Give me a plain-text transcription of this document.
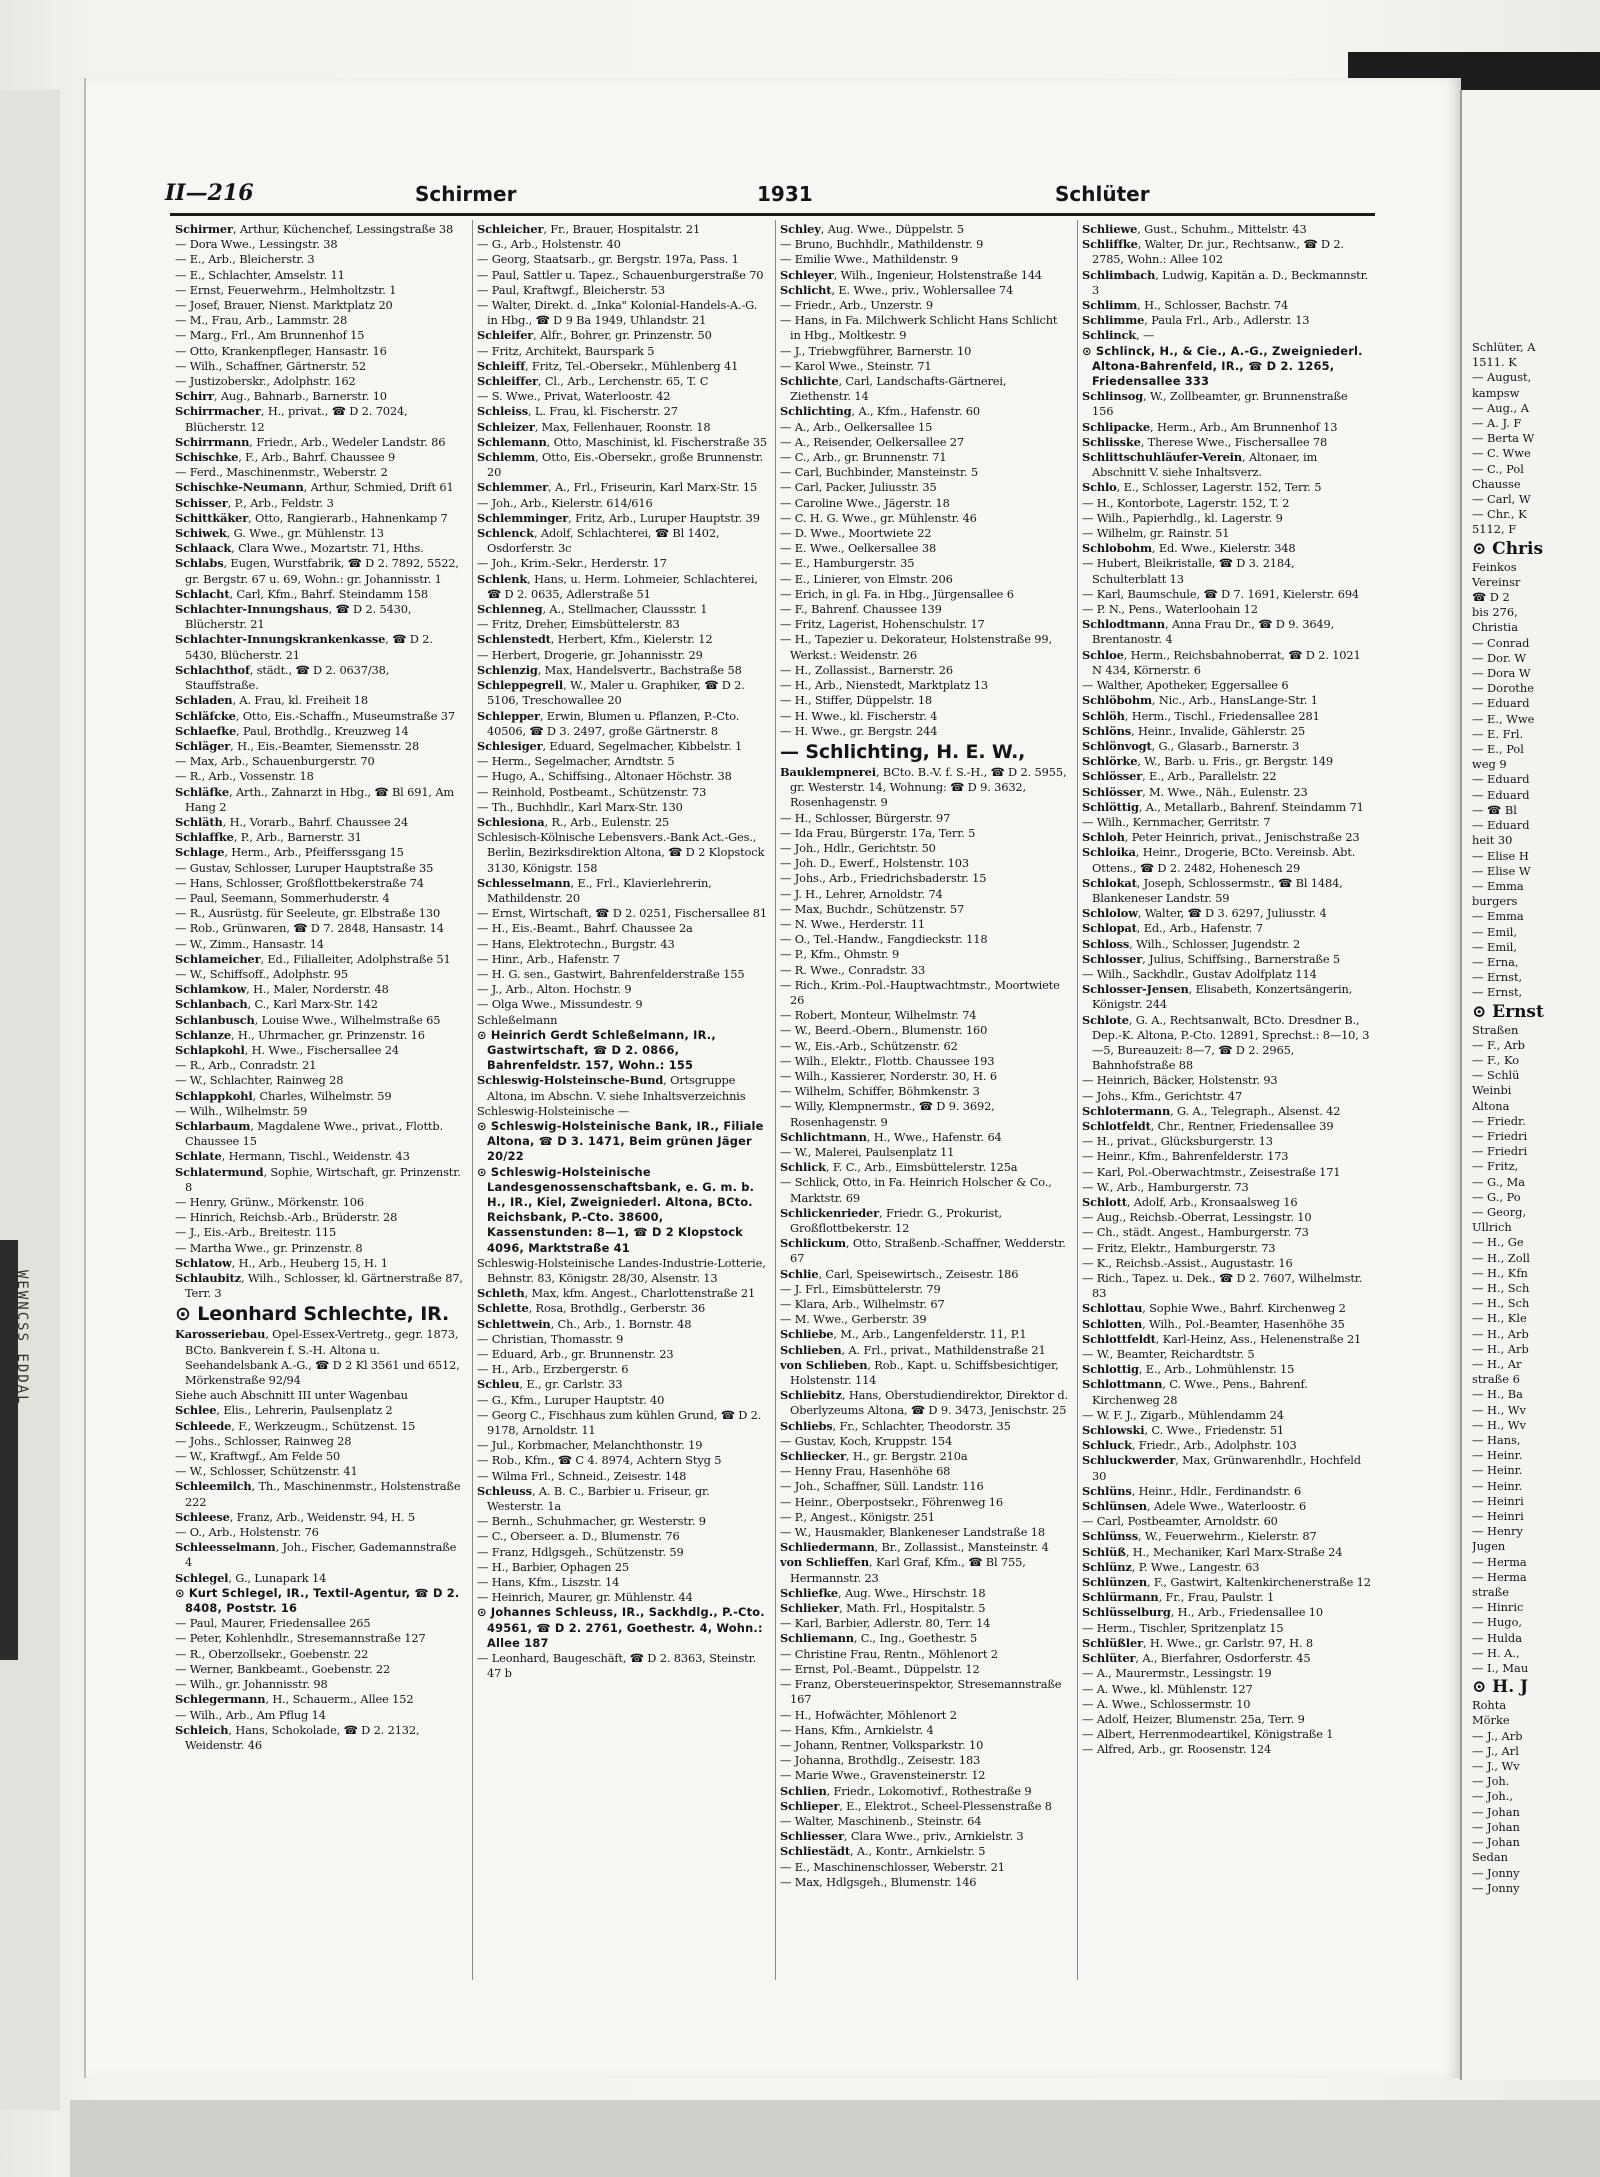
WEWNCSS EDDAL
II—216	Schirmer	1931	Schlüter

Schirmer, Arthur, Küchenchef, Lessingstraße 38

— Dora Wwe., Lessingstr. 38

— E., Arb., Bleicherstr. 3

— E., Schlachter, Amselstr. 11

— Ernst, Feuerwehrm., Helmholtzstr. 1

— Josef, Brauer, Nienst. Marktplatz 20

— M., Frau, Arb., Lammstr. 28

— Marg., Frl., Am Brunnenhof 15

— Otto, Krankenpfleger, Hansastr. 16

— Wilh., Schaffner, Gärtnerstr. 52

— Justizoberskr., Adolphstr. 162

Schirr, Aug., Bahnarb., Barnerstr. 10

Schirrmacher, H., privat., ☎ D 2. 7024, Blücherstr. 12

Schirrmann, Friedr., Arb., Wedeler Landstr. 86

Schischke, F., Arb., Bahrf. Chaussee 9

— Ferd., Maschinenmstr., Weberstr. 2

Schischke-Neumann, Arthur, Schmied, Drift 61

Schisser, P., Arb., Feldstr. 3

Schittkäker, Otto, Rangierarb., Hahnenkamp 7

Schiwek, G. Wwe., gr. Mühlenstr. 13

Schlaack, Clara Wwe., Mozartstr. 71, Hths.

Schlabs, Eugen, Wurstfabrik, ☎ D 2. 7892, 5522, gr. Bergstr. 67 u. 69, Wohn.: gr. Johannisstr. 1

Schlacht, Carl, Kfm., Bahrf. Steindamm 158

Schlachter-Innungshaus, ☎ D 2. 5430, Blücherstr. 21

Schlachter-Innungskrankenkasse, ☎ D 2. 5430, Blücherstr. 21

Schlachthof, städt., ☎ D 2. 0637/38, Stauffstraße.

Schladen, A. Frau, kl. Freiheit 18

Schläfcke, Otto, Eis.-Schaffn., Museumstraße 37

Schlaefke, Paul, Brothdlg., Kreuzweg 14

Schläger, H., Eis.-Beamter, Siemensstr. 28

— Max, Arb., Schauenburgerstr. 70

— R., Arb., Vossenstr. 18

Schläfke, Arth., Zahnarzt in Hbg., ☎ Bl 691, Am Hang 2

Schläth, H., Vorarb., Bahrf. Chaussee 24

Schlaffke, P., Arb., Barnerstr. 31

Schlage, Herm., Arb., Pfeifferssgang 15

— Gustav, Schlosser, Luruper Hauptstraße 35

— Hans, Schlosser, Großflottbekerstraße 74

— Paul, Seemann, Sommerhuderstr. 4

— R., Ausrüstg. für Seeleute, gr. Elbstraße 130

— Rob., Grünwaren, ☎ D 7. 2848, Hansastr. 14

— W., Zimm., Hansastr. 14

Schlameicher, Ed., Filialleiter, Adolphstraße 51

— W., Schiffsoff., Adolphstr. 95

Schlamkow, H., Maler, Norderstr. 48

Schlanbach, C., Karl Marx-Str. 142

Schlanbusch, Louise Wwe., Wilhelmstraße 65

Schlanze, H., Uhrmacher, gr. Prinzenstr. 16

Schlapkohl, H. Wwe., Fischersallee 24

— R., Arb., Conradstr. 21

— W., Schlachter, Rainweg 28

Schlappkohl, Charles, Wilhelmstr. 59

— Wilh., Wilhelmstr. 59

Schlarbaum, Magdalene Wwe., privat., Flottb. Chaussee 15

Schlate, Hermann, Tischl., Weidenstr. 43

Schlatermund, Sophie, Wirtschaft, gr. Prinzenstr. 8

— Henry, Grünw., Mörkenstr. 106

— Hinrich, Reichsb.-Arb., Brüderstr. 28

— J., Eis.-Arb., Breitestr. 115

— Martha Wwe., gr. Prinzenstr. 8

Schlatow, H., Arb., Heuberg 15, H. 1

Schlaubitz, Wilh., Schlosser, kl. Gärtnerstraße 87, Terr. 3

⊙ Leonhard Schlechte, IR.

Karosseriebau, Opel-Essex-Vertretg., gegr. 1873, BCto. Bankverein f. S.-H. Altona u. Seehandelsbank A.-G., ☎ D 2 Kl 3561 und 6512, Mörkenstraße 92/94

Siehe auch Abschnitt III unter Wagenbau

Schlee, Elis., Lehrerin, Paulsenplatz 2

Schleede, F., Werkzeugm., Schützenst. 15

— Johs., Schlosser, Rainweg 28

— W., Kraftwgf., Am Felde 50

— W., Schlosser, Schützenstr. 41

Schleemilch, Th., Maschinenmstr., Holstenstraße 222

Schleese, Franz, Arb., Weidenstr. 94, H. 5

— O., Arb., Holstenstr. 76

Schleesselmann, Joh., Fischer, Gademannstraße 4

Schlegel, G., Lunapark 14

⊙ Kurt Schlegel, IR., Textil-Agentur, ☎ D 2. 8408, Poststr. 16

— Paul, Maurer, Friedensallee 265

— Peter, Kohlenhdlr., Stresemannstraße 127

— R., Oberzollsekr., Goebenstr. 22

— Werner, Bankbeamt., Goebenstr. 22

— Wilh., gr. Johannisstr. 98

Schlegermann, H., Schauerm., Allee 152

— Wilh., Arb., Am Pflug 14

Schleich, Hans, Schokolade, ☎ D 2. 2132, Weidenstr. 46

Schleicher, Fr., Brauer, Hospitalstr. 21

— G., Arb., Holstenstr. 40

— Georg, Staatsarb., gr. Bergstr. 197a, Pass. 1

— Paul, Sattler u. Tapez., Schauenburgerstraße 70

— Paul, Kraftwgf., Bleicherstr. 53

— Walter, Direkt. d. „Inka" Kolonial-Handels-A.-G. in Hbg., ☎ D 9 Ba 1949, Uhlandstr. 21

Schleifer, Alfr., Bohrer, gr. Prinzenstr. 50

— Fritz, Architekt, Baurspark 5

Schleiff, Fritz, Tel.-Obersekr., Mühlenberg 41

Schleiffer, Cl., Arb., Lerchenstr. 65, T. C

— S. Wwe., Privat, Waterloostr. 42

Schleiss, L. Frau, kl. Fischerstr. 27

Schleizer, Max, Fellenhauer, Roonstr. 18

Schlemann, Otto, Maschinist, kl. Fischerstraße 35

Schlemm, Otto, Eis.-Obersekr., große Brunnenstr. 20

Schlemmer, A., Frl., Friseurin, Karl Marx-Str. 15

— Joh., Arb., Kielerstr. 614/616

Schlemminger, Fritz, Arb., Luruper Hauptstr. 39

Schlenck, Adolf, Schlachterei, ☎ Bl 1402, Osdorferstr. 3c

— Joh., Krim.-Sekr., Herderstr. 17

Schlenk, Hans, u. Herm. Lohmeier, Schlachterei, ☎ D 2. 0635, Adlerstraße 51

Schlenneg, A., Stellmacher, Claussstr. 1

— Fritz, Dreher, Eimsbüttelerstr. 83

Schlenstedt, Herbert, Kfm., Kielerstr. 12

— Herbert, Drogerie, gr. Johannisstr. 29

Schlenzig, Max, Handelsvertr., Bachstraße 58

Schleppegrell, W., Maler u. Graphiker, ☎ D 2. 5106, Treschowallee 20

Schlepper, Erwin, Blumen u. Pflanzen, P.-Cto. 40506, ☎ D 3. 2497, große Gärtnerstr. 8

Schlesiger, Eduard, Segelmacher, Kibbelstr. 1

— Herm., Segelmacher, Arndtstr. 5

— Hugo, A., Schiffsing., Altonaer Höchstr. 38

— Reinhold, Postbeamt., Schützenstr. 73

— Th., Buchhdlr., Karl Marx-Str. 130

Schlesiona, R., Arb., Eulenstr. 25

Schlesisch-Kölnische Lebensvers.-Bank Act.-Ges., Berlin, Bezirksdirektion Altona, ☎ D 2 Klopstock 3130, Königstr. 158

Schlesselmann, E., Frl., Klavierlehrerin, Mathildenstr. 20

— Ernst, Wirtschaft, ☎ D 2. 0251, Fischersallee 81

— H., Eis.-Beamt., Bahrf. Chaussee 2a

— Hans, Elektrotechn., Burgstr. 43

— Hinr., Arb., Hafenstr. 7

— H. G. sen., Gastwirt, Bahrenfelderstraße 155

— J., Arb., Alton. Hochstr. 9

— Olga Wwe., Missundestr. 9

Schleßelmann

⊙ Heinrich Gerdt Schleßelmann, IR., Gastwirtschaft, ☎ D 2. 0866, Bahrenfeldstr. 157, Wohn.: 155

Schleswig-Holsteinsche-Bund, Ortsgruppe Altona, im Abschn. V. siehe Inhaltsverzeichnis

Schleswig-Holsteinische —

⊙ Schleswig-Holsteinische Bank, IR., Filiale Altona, ☎ D 3. 1471, Beim grünen Jäger 20/22

⊙ Schleswig-Holsteinische Landesgenossenschaftsbank, e. G. m. b. H., IR., Kiel, Zweigniederl. Altona, BCto. Reichsbank, P.-Cto. 38600, Kassenstunden: 8—1, ☎ D 2 Klopstock 4096, Marktstraße 41

Schleswig-Holsteinische Landes-Industrie-Lotterie, Behnstr. 83, Königstr. 28/30, Alsenstr. 13

Schleth, Max, kfm. Angest., Charlottenstraße 21

Schlette, Rosa, Brothdlg., Gerberstr. 36

Schlettwein, Ch., Arb., 1. Bornstr. 48

— Christian, Thomasstr. 9

— Eduard, Arb., gr. Brunnenstr. 23

— H., Arb., Erzbergerstr. 6

Schleu, E., gr. Carlstr. 33

— G., Kfm., Luruper Hauptstr. 40

— Georg C., Fischhaus zum kühlen Grund, ☎ D 2. 9178, Arnoldstr. 11

— Jul., Korbmacher, Melanchthonstr. 19

— Rob., Kfm., ☎ C 4. 8974, Achtern Styg 5

— Wilma Frl., Schneid., Zeisestr. 148

Schleuss, A. B. C., Barbier u. Friseur, gr. Westerstr. 1a

— Bernh., Schuhmacher, gr. Westerstr. 9

— C., Oberseer. a. D., Blumenstr. 76

— Franz, Hdlgsgeh., Schützenstr. 59

— H., Barbier, Ophagen 25

— Hans, Kfm., Liszstr. 14

— Heinrich, Maurer, gr. Mühlenstr. 44

⊙ Johannes Schleuss, IR., Sackhdlg., P.-Cto. 49561, ☎ D 2. 2761, Goethestr. 4, Wohn.: Allee 187

— Leonhard, Baugeschäft, ☎ D 2. 8363, Steinstr. 47 b

Schley, Aug. Wwe., Düppelstr. 5

— Bruno, Buchhdlr., Mathildenstr. 9

— Emilie Wwe., Mathildenstr. 9

Schleyer, Wilh., Ingenieur, Holstenstraße 144

Schlicht, E. Wwe., priv., Wohlersallee 74

— Friedr., Arb., Unzerstr. 9

— Hans, in Fa. Milchwerk Schlicht Hans Schlicht in Hbg., Moltkestr. 9

— J., Triebwgführer, Barnerstr. 10

— Karol Wwe., Steinstr. 71

Schlichte, Carl, Landschafts-Gärtnerei, Ziethenstr. 14

Schlichting, A., Kfm., Hafenstr. 60

— A., Arb., Oelkersallee 15

— A., Reisender, Oelkersallee 27

— C., Arb., gr. Brunnenstr. 71

— Carl, Buchbinder, Mansteinstr. 5

— Carl, Packer, Juliusstr. 35

— Caroline Wwe., Jägerstr. 18

— C. H. G. Wwe., gr. Mühlenstr. 46

— D. Wwe., Moortwiete 22

— E. Wwe., Oelkersallee 38

— E., Hamburgerstr. 35

— E., Linierer, von Elmstr. 206

— Erich, in gl. Fa. in Hbg., Jürgensallee 6

— F., Bahrenf. Chaussee 139

— Fritz, Lagerist, Hohenschulstr. 17

— H., Tapezier u. Dekorateur, Holstenstraße 99, Werkst.: Weidenstr. 26

— H., Zollassist., Barnerstr. 26

— H., Arb., Nienstedt, Marktplatz 13

— H., Stiffer, Düppelstr. 18

— H. Wwe., kl. Fischerstr. 4

— H. Wwe., gr. Bergstr. 244

— Schlichting, H. E. W.,

Bauklempnerei, BCto. B.-V. f. S.-H., ☎ D 2. 5955, gr. Westerstr. 14, Wohnung: ☎ D 9. 3632, Rosenhagenstr. 9

— H., Schlosser, Bürgerstr. 97

— Ida Frau, Bürgerstr. 17a, Terr. 5

— Joh., Hdlr., Gerichtstr. 50

— Joh. D., Ewerf., Holstenstr. 103

— Johs., Arb., Friedrichsbaderstr. 15

— J. H., Lehrer, Arnoldstr. 74

— Max, Buchdr., Schützenstr. 57

— N. Wwe., Herderstr. 11

— O., Tel.-Handw., Fangdieckstr. 118

— P., Kfm., Ohmstr. 9

— R. Wwe., Conradstr. 33

— Rich., Krim.-Pol.-Hauptwachtmstr., Moortwiete 26

— Robert, Monteur, Wilhelmstr. 74

— W., Beerd.-Obern., Blumenstr. 160

— W., Eis.-Arb., Schützenstr. 62

— Wilh., Elektr., Flottb. Chaussee 193

— Wilh., Kassierer, Norderstr. 30, H. 6

— Wilhelm, Schiffer, Böhmkenstr. 3

— Willy, Klempnermstr., ☎ D 9. 3692, Rosenhagenstr. 9

Schlichtmann, H., Wwe., Hafenstr. 64

— W., Malerei, Paulsenplatz 11

Schlick, F. C., Arb., Eimsbüttelerstr. 125a

— Schlick, Otto, in Fa. Heinrich Holscher & Co., Marktstr. 69

Schlickenrieder, Friedr. G., Prokurist, Großflottbekerstr. 12

Schlickum, Otto, Straßenb.-Schaffner, Wedderstr. 67

Schlie, Carl, Speisewirtsch., Zeisestr. 186

— J. Frl., Eimsbüttelerstr. 79

— Klara, Arb., Wilhelmstr. 67

— M. Wwe., Gerberstr. 39

Schliebe, M., Arb., Langenfelderstr. 11, P.1

Schlieben, A. Frl., privat., Mathildenstraße 21

von Schlieben, Rob., Kapt. u. Schiffsbesichtiger, Holstenstr. 114

Schliebitz, Hans, Oberstudiendirektor, Direktor d. Oberlyzeums Altona, ☎ D 9. 3473, Jenischstr. 25

Schliebs, Fr., Schlachter, Theodorstr. 35

— Gustav, Koch, Kruppstr. 154

Schliecker, H., gr. Bergstr. 210a

— Henny Frau, Hasenhöhe 68

— Joh., Schaffner, Süll. Landstr. 116

— Heinr., Oberpostsekr., Föhrenweg 16

— P., Angest., Königstr. 251

— W., Hausmakler, Blankeneser Landstraße 18

Schliedermann, Br., Zollassist., Mansteinstr. 4

von Schlieffen, Karl Graf, Kfm., ☎ Bl 755, Hermannstr. 23

Schliefke, Aug. Wwe., Hirschstr. 18

Schlieker, Math. Frl., Hospitalstr. 5

— Karl, Barbier, Adlerstr. 80, Terr. 14

Schliemann, C., Ing., Goethestr. 5

— Christine Frau, Rentn., Möhlenort 2

— Ernst, Pol.-Beamt., Düppelstr. 12

— Franz, Obersteuerinspektor, Stresemannstraße 167

— H., Hofwächter, Möhlenort 2

— Hans, Kfm., Arnkielstr. 4

— Johann, Rentner, Volksparkstr. 10

— Johanna, Brothdlg., Zeisestr. 183

— Marie Wwe., Gravensteinerstr. 12

Schlien, Friedr., Lokomotivf., Rothestraße 9

Schlieper, E., Elektrot., Scheel-Plessenstraße 8

— Walter, Maschinenb., Steinstr. 64

Schliesser, Clara Wwe., priv., Arnkielstr. 3

Schliestädt, A., Kontr., Arnkielstr. 5

— E., Maschinenschlosser, Weberstr. 21

— Max, Hdlgsgeh., Blumenstr. 146

Schliewe, Gust., Schuhm., Mittelstr. 43

Schliffke, Walter, Dr. jur., Rechtsanw., ☎ D 2. 2785, Wohn.: Allee 102

Schlimbach, Ludwig, Kapitän a. D., Beckmannstr. 3

Schlimm, H., Schlosser, Bachstr. 74

Schlimme, Paula Frl., Arb., Adlerstr. 13

Schlinck, —

⊙ Schlinck, H., & Cie., A.-G., Zweigniederl. Altona-Bahrenfeld, IR., ☎ D 2. 1265, Friedensallee 333

Schlinsog, W., Zollbeamter, gr. Brunnenstraße 156

Schlipacke, Herm., Arb., Am Brunnenhof 13

Schlisske, Therese Wwe., Fischersallee 78

Schlittschuhläufer-Verein, Altonaer, im Abschnitt V. siehe Inhaltsverz.

Schlo, E., Schlosser, Lagerstr. 152, Terr. 5

— H., Kontorbote, Lagerstr. 152, T. 2

— Wilh., Papierhdlg., kl. Lagerstr. 9

— Wilhelm, gr. Rainstr. 51

Schlobohm, Ed. Wwe., Kielerstr. 348

— Hubert, Bleikristalle, ☎ D 3. 2184, Schulterblatt 13

— Karl, Baumschule, ☎ D 7. 1691, Kielerstr. 694

— P. N., Pens., Waterloohain 12

Schlodtmann, Anna Frau Dr., ☎ D 9. 3649, Brentanostr. 4

Schloe, Herm., Reichsbahnoberrat, ☎ D 2. 1021 N 434, Körnerstr. 6

— Walther, Apotheker, Eggersallee 6

Schlöbohm, Nic., Arb., HansLange-Str. 1

Schlöh, Herm., Tischl., Friedensallee 281

Schlöns, Heinr., Invalide, Gählerstr. 25

Schlönvogt, G., Glasarb., Barnerstr. 3

Schlörke, W., Barb. u. Fris., gr. Bergstr. 149

Schlösser, E., Arb., Parallelstr. 22

Schlösser, M. Wwe., Näh., Eulenstr. 23

Schlöttig, A., Metallarb., Bahrenf. Steindamm 71

— Wilh., Kernmacher, Gerritstr. 7

Schloh, Peter Heinrich, privat., Jenischstraße 23

Schloika, Heinr., Drogerie, BCto. Vereinsb. Abt. Ottens., ☎ D 2. 2482, Hohenesch 29

Schlokat, Joseph, Schlossermstr., ☎ Bl 1484, Blankeneser Landstr. 59

Schlolow, Walter, ☎ D 3. 6297, Juliusstr. 4

Schlopat, Ed., Arb., Hafenstr. 7

Schloss, Wilh., Schlosser, Jugendstr. 2

Schlosser, Julius, Schiffsing., Barnerstraße 5

— Wilh., Sackhdlr., Gustav Adolfplatz 114

Schlosser-Jensen, Elisabeth, Konzertsängerin, Königstr. 244

Schlote, G. A., Rechtsanwalt, BCto. Dresdner B., Dep.-K. Altona, P.-Cto. 12891, Sprechst.: 8—10, 3—5, Bureauzeit: 8—7, ☎ D 2. 2965, Bahnhofstraße 88

— Heinrich, Bäcker, Holstenstr. 93

— Johs., Kfm., Gerichtstr. 47

Schlotermann, G. A., Telegraph., Alsenst. 42

Schlotfeldt, Chr., Rentner, Friedensallee 39

— H., privat., Glücksburgerstr. 13

— Heinr., Kfm., Bahrenfelderstr. 173

— Karl, Pol.-Oberwachtmstr., Zeisestraße 171

— W., Arb., Hamburgerstr. 73

Schlott, Adolf, Arb., Kronsaalsweg 16

— Aug., Reichsb.-Oberrat, Lessingstr. 10

— Ch., städt. Angest., Hamburgerstr. 73

— Fritz, Elektr., Hamburgerstr. 73

— K., Reichsb.-Assist., Augustastr. 16

— Rich., Tapez. u. Dek., ☎ D 2. 7607, Wilhelmstr. 83

Schlottau, Sophie Wwe., Bahrf. Kirchenweg 2

Schlotten, Wilh., Pol.-Beamter, Hasenhöhe 35

Schlottfeldt, Karl-Heinz, Ass., Helenenstraße 21

— W., Beamter, Reichardtstr. 5

Schlottig, E., Arb., Lohmühlenstr. 15

Schlottmann, C. Wwe., Pens., Bahrenf. Kirchenweg 28

— W. F. J., Zigarb., Mühlendamm 24

Schlowski, C. Wwe., Friedenstr. 51

Schluck, Friedr., Arb., Adolphstr. 103

Schluckwerder, Max, Grünwarenhdlr., Hochfeld 30

Schlüns, Heinr., Hdlr., Ferdinandstr. 6

Schlünsen, Adele Wwe., Waterloostr. 6

— Carl, Postbeamter, Arnoldstr. 60

Schlünss, W., Feuerwehrm., Kielerstr. 87

Schlüß, H., Mechaniker, Karl Marx-Straße 24

Schlünz, P. Wwe., Langestr. 63

Schlünzen, F., Gastwirt, Kaltenkirchenerstraße 12

Schlürmann, Fr., Frau, Paulstr. 1

Schlüsselburg, H., Arb., Friedensallee 10

— Herm., Tischler, Spritzenplatz 15

Schlüßler, H. Wwe., gr. Carlstr. 97, H. 8

Schlüter, A., Bierfahrer, Osdorferstr. 45

— A., Maurermstr., Lessingstr. 19

— A. Wwe., kl. Mühlenstr. 127

— A. Wwe., Schlossermstr. 10

— Adolf, Heizer, Blumenstr. 25a, Terr. 9

— Albert, Herrenmodeartikel, Königstraße 1

— Alfred, Arb., gr. Roosenstr. 124

Schlüter, A
1511. K
— August,
kampsw
— Aug., A
— A. J. F
— Berta W
— C. Wwe
— C., Pol
Chausse
— Carl, W
— Chr., K
5112, F
⊙ Chris
Feinkos
Vereinsr
☎ D 2
bis 276,
Christia
— Conrad
— Dor. W
— Dora W
— Dorothe
— Eduard
— E., Wwe
— E. Frl.
— E., Pol
weg 9
— Eduard
— Eduard
— ☎ Bl
— Eduard
heit 30
— Elise H
— Elise W
— Emma
burgers
— Emma
— Emil,
— Emil,
— Erna,
— Ernst,
— Ernst,
⊙ Ernst
Straßen
— F., Arb
— F., Ko
— Schlü
Weinbi
Altona
— Friedr.
— Friedri
— Friedri
— Fritz,
— G., Ma
— G., Po
— Georg,
Ullrich
— H., Ge
— H., Zoll
— H., Kfn
— H., Sch
— H., Sch
— H., Kle
— H., Arb
— H., Arb
— H., Ar
straße 6
— H., Ba
— H., Wv
— H., Wv
— Hans,
— Heinr.
— Heinr.
— Heinr.
— Heinri
— Heinri
— Henry
Jugen
— Herma
— Herma
straße
— Hinric
— Hugo,
— Hulda
— H. A.,
— I., Mau
⊙ H. J
Rohta
Mörke
— J., Arb
— J., Arl
— J., Wv
— Joh.
— Joh.,
— Johan
— Johan
— Johan
Sedan
— Jonny
— Jonny
